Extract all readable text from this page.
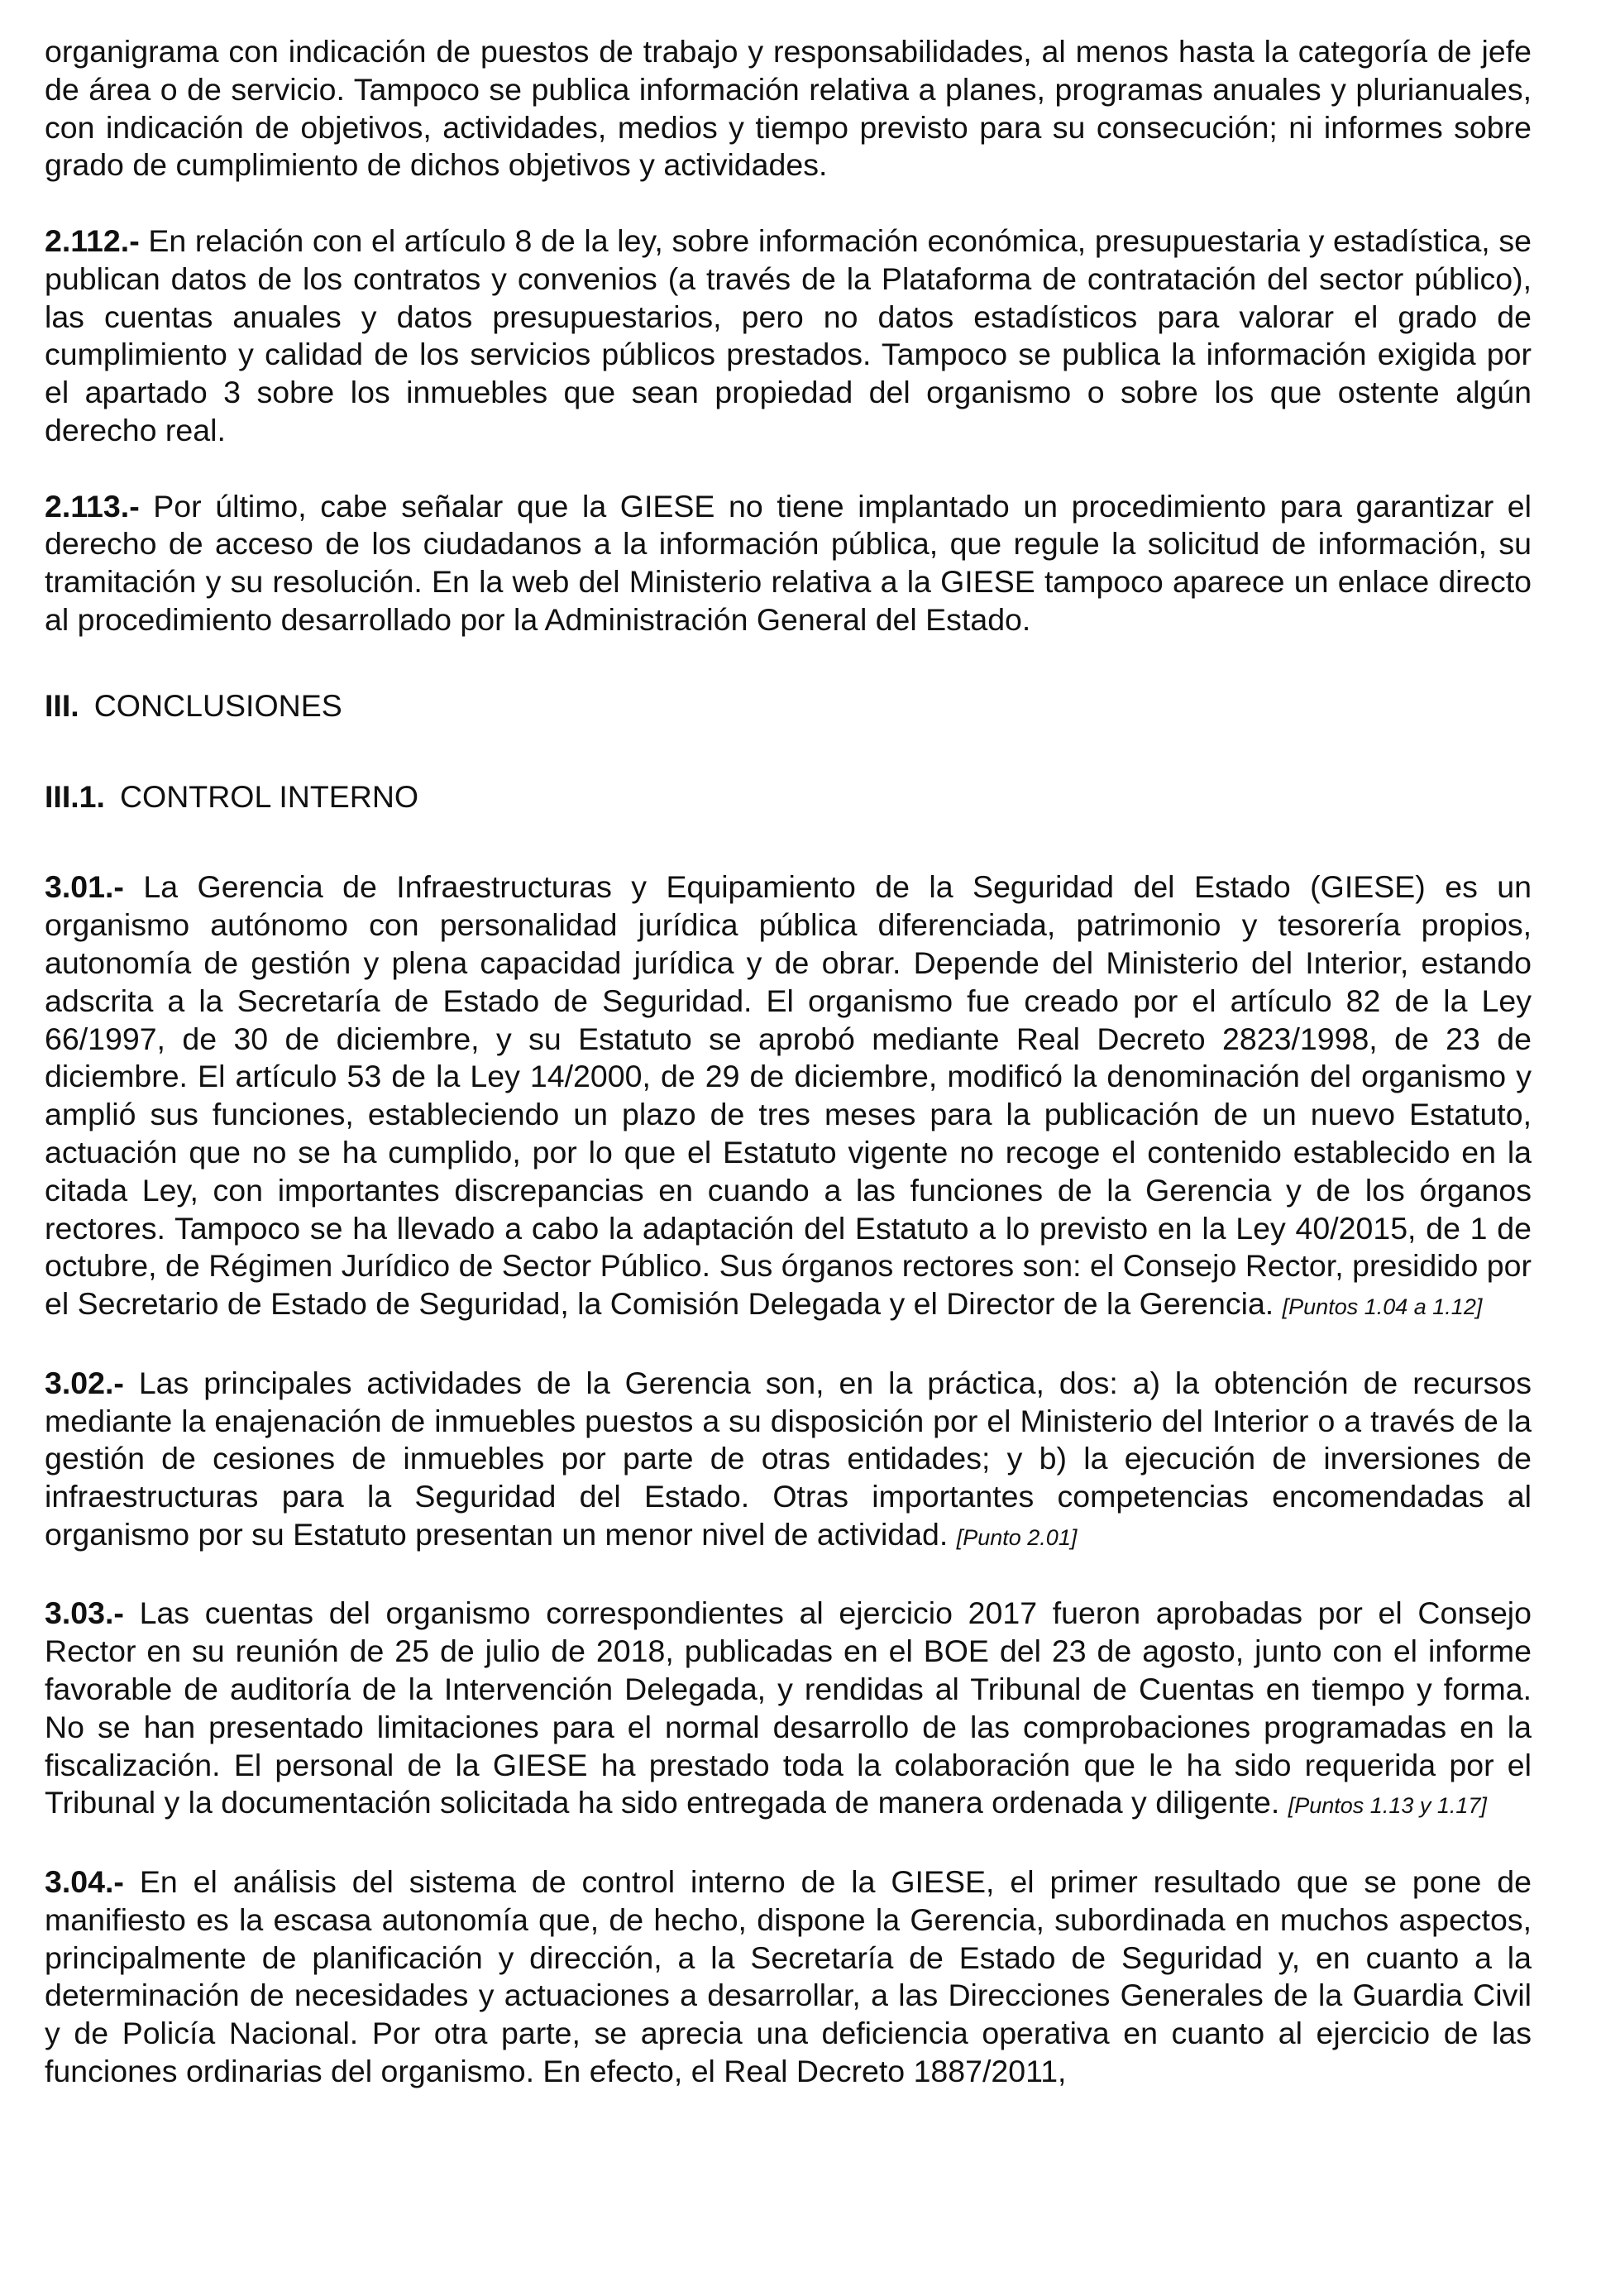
organigrama con indicación de puestos de trabajo y responsabilidades, al menos hasta la categoría de jefe de área o de servicio. Tampoco se publica información relativa a planes, programas anuales y plurianuales, con indicación de objetivos, actividades, medios y tiempo previsto para su consecución; ni informes sobre grado de cumplimiento de dichos objetivos y actividades.

2.112.- En relación con el artículo 8 de la ley, sobre información económica, presupuestaria y estadística, se publican datos de los contratos y convenios (a través de la Plataforma de contratación del sector público), las cuentas anuales y datos presupuestarios, pero no datos estadísticos para valorar el grado de cumplimiento y calidad de los servicios públicos prestados. Tampoco se publica la información exigida por el apartado 3 sobre los inmuebles que sean propiedad del organismo o sobre los que ostente algún derecho real.

2.113.- Por último, cabe señalar que la GIESE no tiene implantado un procedimiento para garantizar el derecho de acceso de los ciudadanos a la información pública, que regule la solicitud de información, su tramitación y su resolución. En la web del Ministerio relativa a la GIESE tampoco aparece un enlace directo al procedimiento desarrollado por la Administración General del Estado.

III. CONCLUSIONES
III.1. CONTROL INTERNO

3.01.- La Gerencia de Infraestructuras y Equipamiento de la Seguridad del Estado (GIESE) es un organismo autónomo con personalidad jurídica pública diferenciada, patrimonio y tesorería propios, autonomía de gestión y plena capacidad jurídica y de obrar. Depende del Ministerio del Interior, estando adscrita a la Secretaría de Estado de Seguridad. El organismo fue creado por el artículo 82 de la Ley 66/1997, de 30 de diciembre, y su Estatuto se aprobó mediante Real Decreto 2823/1998, de 23 de diciembre. El artículo 53 de la Ley 14/2000, de 29 de diciembre, modificó la denominación del organismo y amplió sus funciones, estableciendo un plazo de tres meses para la publicación de un nuevo Estatuto, actuación que no se ha cumplido, por lo que el Estatuto vigente no recoge el contenido establecido en la citada Ley, con importantes discrepancias en cuando a las funciones de la Gerencia y de los órganos rectores. Tampoco se ha llevado a cabo la adaptación del Estatuto a lo previsto en la Ley 40/2015, de 1 de octubre, de Régimen Jurídico de Sector Público. Sus órganos rectores son: el Consejo Rector, presidido por el Secretario de Estado de Seguridad, la Comisión Delegada y el Director de la Gerencia. [Puntos 1.04 a 1.12]

3.02.- Las principales actividades de la Gerencia son, en la práctica, dos: a) la obtención de recursos mediante la enajenación de inmuebles puestos a su disposición por el Ministerio del Interior o a través de la gestión de cesiones de inmuebles por parte de otras entidades; y b) la ejecución de inversiones de infraestructuras para la Seguridad del Estado. Otras importantes competencias encomendadas al organismo por su Estatuto presentan un menor nivel de actividad. [Punto 2.01]

3.03.- Las cuentas del organismo correspondientes al ejercicio 2017 fueron aprobadas por el Consejo Rector en su reunión de 25 de julio de 2018, publicadas en el BOE del 23 de agosto, junto con el informe favorable de auditoría de la Intervención Delegada, y rendidas al Tribunal de Cuentas en tiempo y forma. No se han presentado limitaciones para el normal desarrollo de las comprobaciones programadas en la fiscalización. El personal de la GIESE ha prestado toda la colaboración que le ha sido requerida por el Tribunal y la documentación solicitada ha sido entregada de manera ordenada y diligente. [Puntos 1.13 y 1.17]

3.04.- En el análisis del sistema de control interno de la GIESE, el primer resultado que se pone de manifiesto es la escasa autonomía que, de hecho, dispone la Gerencia, subordinada en muchos aspectos, principalmente de planificación y dirección, a la Secretaría de Estado de Seguridad y, en cuanto a la determinación de necesidades y actuaciones a desarrollar, a las Direcciones Generales de la Guardia Civil y de Policía Nacional. Por otra parte, se aprecia una deficiencia operativa en cuanto al ejercicio de las funciones ordinarias del organismo. En efecto, el Real Decreto 1887/2011,
